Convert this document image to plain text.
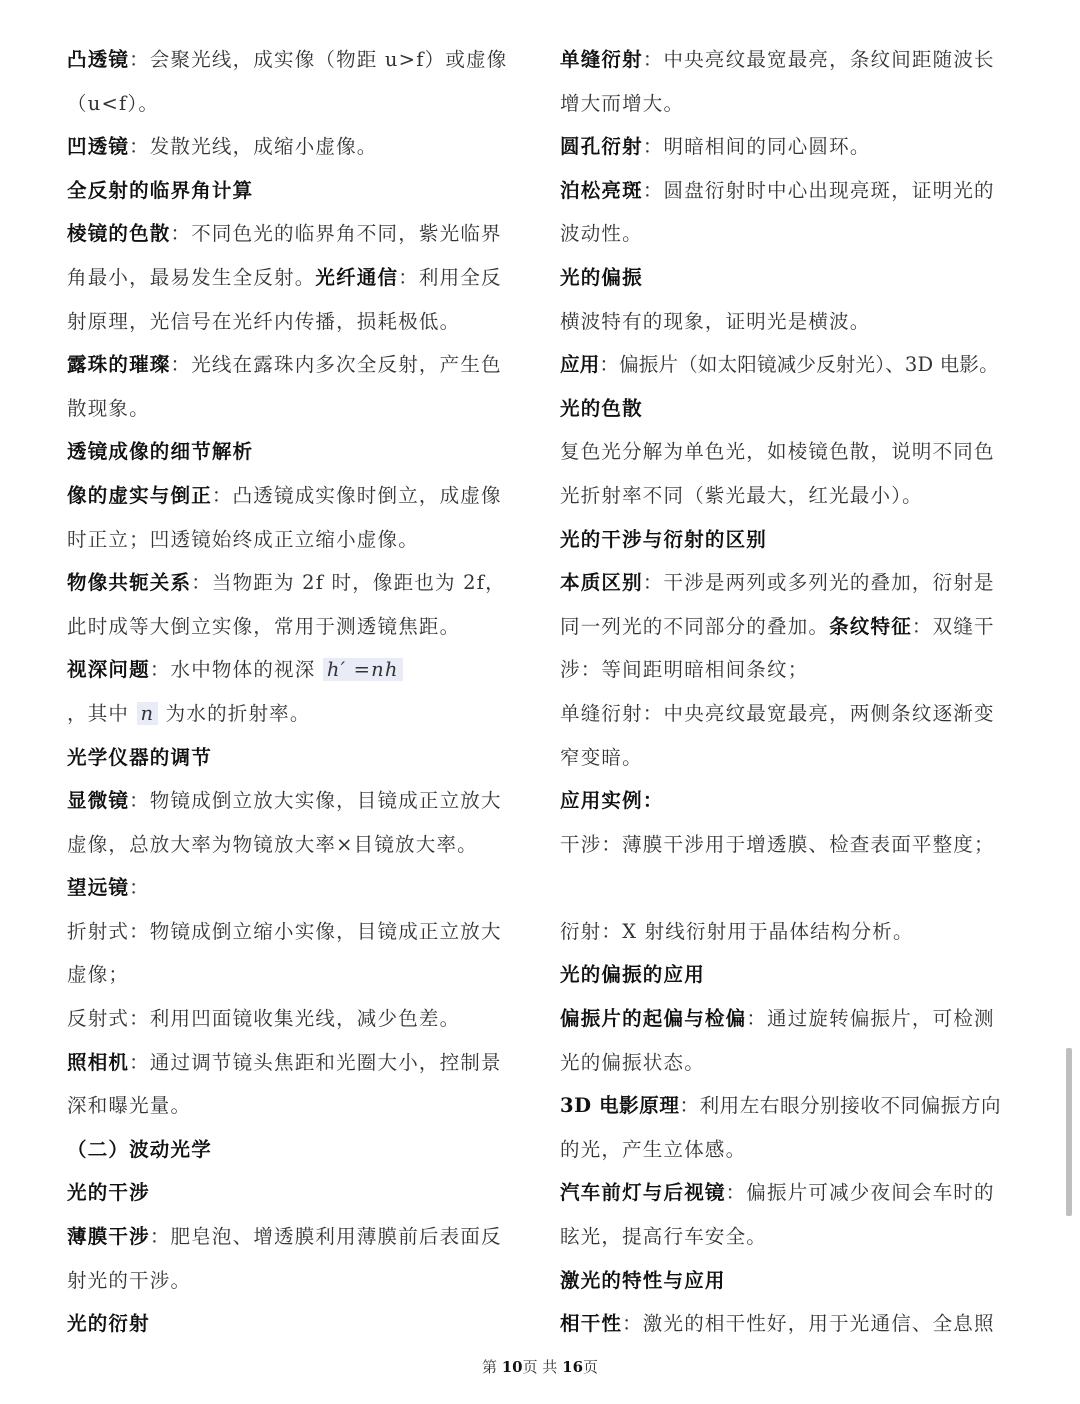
凸透镜：会聚光线，成实像（物距 u>f）或虚像
（u<f）。
凹透镜：发散光线，成缩小虚像。
全反射的临界角计算
棱镜的色散：不同色光的临界角不同，紫光临界
角最小，最易发生全反射。光纤通信：利用全反
射原理，光信号在光纤内传播，损耗极低。
露珠的璀璨：光线在露珠内多次全反射，产生色
散现象。
透镜成像的细节解析
像的虚实与倒正：凸透镜成实像时倒立，成虚像
时正立；凹透镜始终成正立缩小虚像。
物像共轭关系：当物距为 2f 时，像距也为 2f，
此时成等大倒立实像，常用于测透镜焦距。
视深问题：水中物体的视深 h′ =nh
，其中 n 为水的折射率。
光学仪器的调节
显微镜：物镜成倒立放大实像，目镜成正立放大
虚像，总放大率为物镜放大率×目镜放大率。
望远镜：
折射式：物镜成倒立缩小实像，目镜成正立放大
虚像；
反射式：利用凹面镜收集光线，减少色差。
照相机：通过调节镜头焦距和光圈大小，控制景
深和曝光量。
（二）波动光学
光的干涉
薄膜干涉：肥皂泡、增透膜利用薄膜前后表面反
射光的干涉。
光的衍射
单缝衍射：中央亮纹最宽最亮，条纹间距随波长
增大而增大。
圆孔衍射：明暗相间的同心圆环。
泊松亮斑：圆盘衍射时中心出现亮斑，证明光的
波动性。
光的偏振
横波特有的现象，证明光是横波。
应用：偏振片（如太阳镜减少反射光）、3D 电影。
光的色散
复色光分解为单色光，如棱镜色散，说明不同色
光折射率不同（紫光最大，红光最小）。
光的干涉与衍射的区别
本质区别：干涉是两列或多列光的叠加，衍射是
同一列光的不同部分的叠加。条纹特征：双缝干
涉：等间距明暗相间条纹；
单缝衍射：中央亮纹最宽最亮，两侧条纹逐渐变
窄变暗。
应用实例：
干涉：薄膜干涉用于增透膜、检查表面平整度；
衍射：X 射线衍射用于晶体结构分析。
光的偏振的应用
偏振片的起偏与检偏：通过旋转偏振片，可检测
光的偏振状态。
3D 电影原理：利用左右眼分别接收不同偏振方向
的光，产生立体感。
汽车前灯与后视镜：偏振片可减少夜间会车时的
眩光，提高行车安全。
激光的特性与应用
相干性：激光的相干性好，用于光通信、全息照
第 10页 共 16页
